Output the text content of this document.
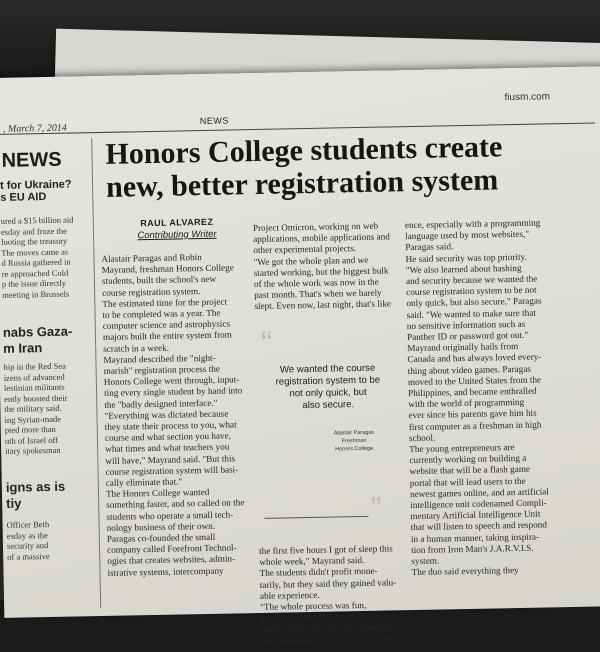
fiusm.com
, March 7, 2014
NEWS
NEWS
t for Ukraine?
s EU AID
ured a $15 billion aid
esday and froze the
looting the treasury
The moves came as
d Russia gathered in
re approached Cold
p the issue directly
meeting in Brussels
nabs Gaza-
m Iran
hip in the Red Sea
izens of advanced
lestinian militants
ently boosted their
the military said.
ing Syrian-made
pted more than
uth of Israel off
itary spokesman
igns as is
tiy
Officer Beth
esday as the
security and
of a massive
Honors College students create
new, better registration system
RAUL ALVAREZ
Contributing Writer
Alastair Paragas and Robin
Mayrand, freshman Honors College
students, built the school's new
course registration system.
The estimated time for the project
to be completed was a year. The
computer science and astrophysics
majors built the entire system from
scratch in a week.
Mayrand described the "night-
marish" registration process the
Honors College went through, input-
ting every single student by hand into
the "badly designed interface."
"Everything was dictated because
they state their process to you, what
course and what section you have,
what times and what teachers you
will have," Mayrand said. "But this
course registration system will basi-
cally eliminate that."
The Honors College wanted
something faster, and so called on the
students who operate a small tech-
nology business of their own.
Paragas co-founded the small
company called Forefront Technol-
ogies that creates websites, admin-
istrative systems, intercompany
Project Omicron, working on web
applications, mobile applications and
other experimental projects.
"We got the whole plan and we
started working, but the biggest bulk
of the whole work was now in the
past month. That's when we barely
slept. Even now, last night, that's like
“
We wanted the course
registration system to be
not only quick, but
also secure.
Alastair Paragas
Freshman
Honors College
”
the first five hours I got of sleep this
whole week," Mayrand said.
The students didn't profit mone-
tarily, but they said they gained valu-
able experience.
"The whole process was fun,
hard; we learned and now it's func-
tional and it will keep on expanding,"
said Mayrand, the project's front-end
ence, especially with a programming
language used by most websites,"
Paragas said.
He said security was top priority.
"We also learned about hashing
and security because we wanted the
course registration system to be not
only quick, but also secure," Paragas
said. "We wanted to make sure that
no sensitive information such as
Panther ID or password got out."
Mayrand originally hails from
Canada and has always loved every-
thing about video games. Paragas
moved to the United States from the
Philippines, and became enthralled
with the world of programming
ever since his parents gave him his
first computer as a freshman in high
school.
The young entrepreneurs are
currently working on building a
website that will be a flash game
portal that will lead users to the
newest games online, and an artificial
intelligence unit codenamed Compli-
mentary Artificial Intelligence Unit
that will listen to speech and respond
in a human manner, taking inspira-
tion from Iron Man's J.A.R.V.I.S.
system.
The duo said everything they
